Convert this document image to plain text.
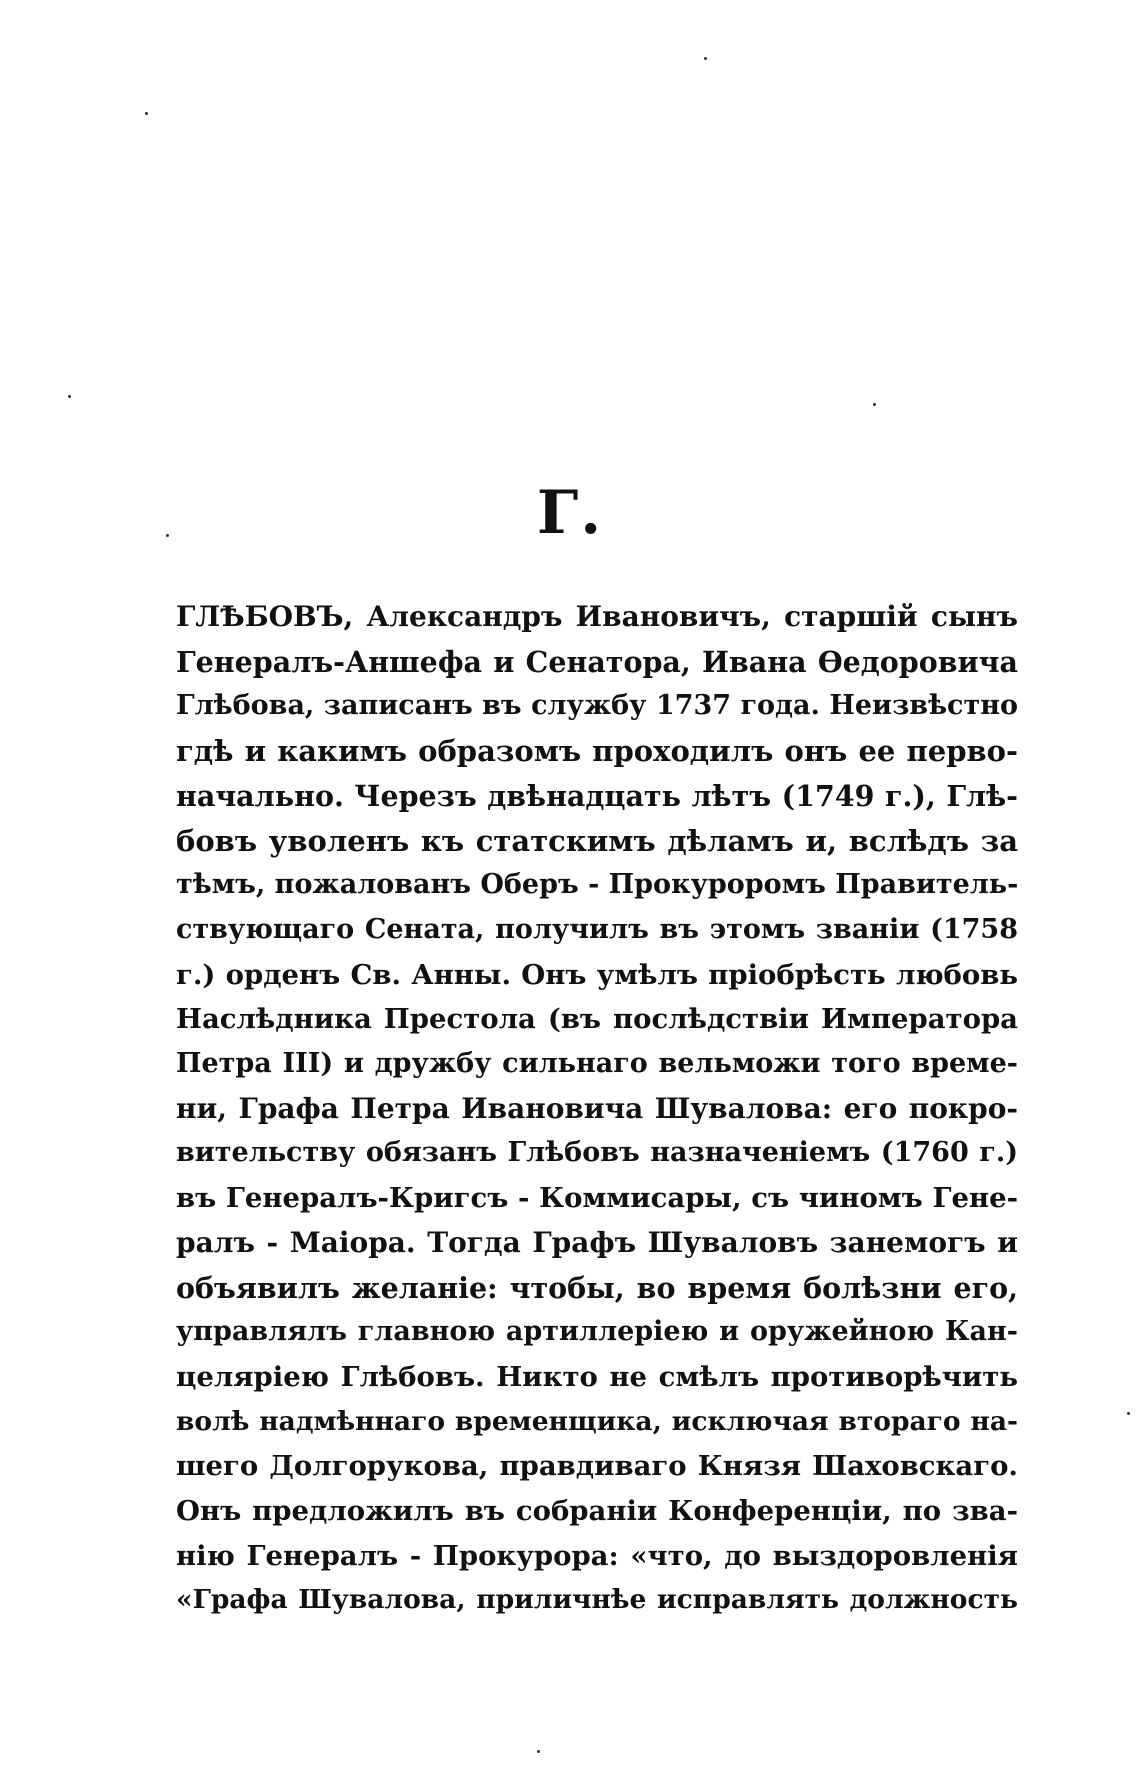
Г.
ГЛѢБОВЪ, Александръ Ивановичъ, старшій сынъ
Генералъ-Аншефа и Сенатора, Ивана Ѳедоровича
Глѣбова, записанъ въ службу 1737 года. Неизвѣстно
гдѣ и какимъ образомъ проходилъ онъ ее перво-
начально. Черезъ двѣнадцать лѣтъ (1749 г.), Глѣ-
бовъ уволенъ къ статскимъ дѣламъ и, вслѣдъ за
тѣмъ, пожалованъ Оберъ - Прокуроромъ Правитель-
ствующаго Сената, получилъ въ этомъ званіи (1758
г.) орденъ Св. Анны. Онъ умѣлъ пріобрѣсть любовь
Наслѣдника Престола (въ послѣдствіи Императора
Петра III) и дружбу сильнаго вельможи того време-
ни, Графа Петра Ивановича Шувалова: его покро-
вительству обязанъ Глѣбовъ назначеніемъ (1760 г.)
въ Генералъ-Кригсъ - Коммисары, съ чиномъ Гене-
ралъ - Маіора. Тогда Графъ Шуваловъ занемогъ и
объявилъ желаніе: чтобы, во время болѣзни его,
управлялъ главною артиллеріею и оружейною Кан-
целяріею Глѣбовъ. Никто не смѣлъ противорѣчить
волѣ надмѣннаго временщика, исключая втораго на-
шего Долгорукова, правдиваго Князя Шаховскаго.
Онъ предложилъ въ собраніи Конференціи, по зва-
нію Генералъ - Прокурора: «что, до выздоровленія
«Графа Шувалова, приличнѣе исправлять должность
